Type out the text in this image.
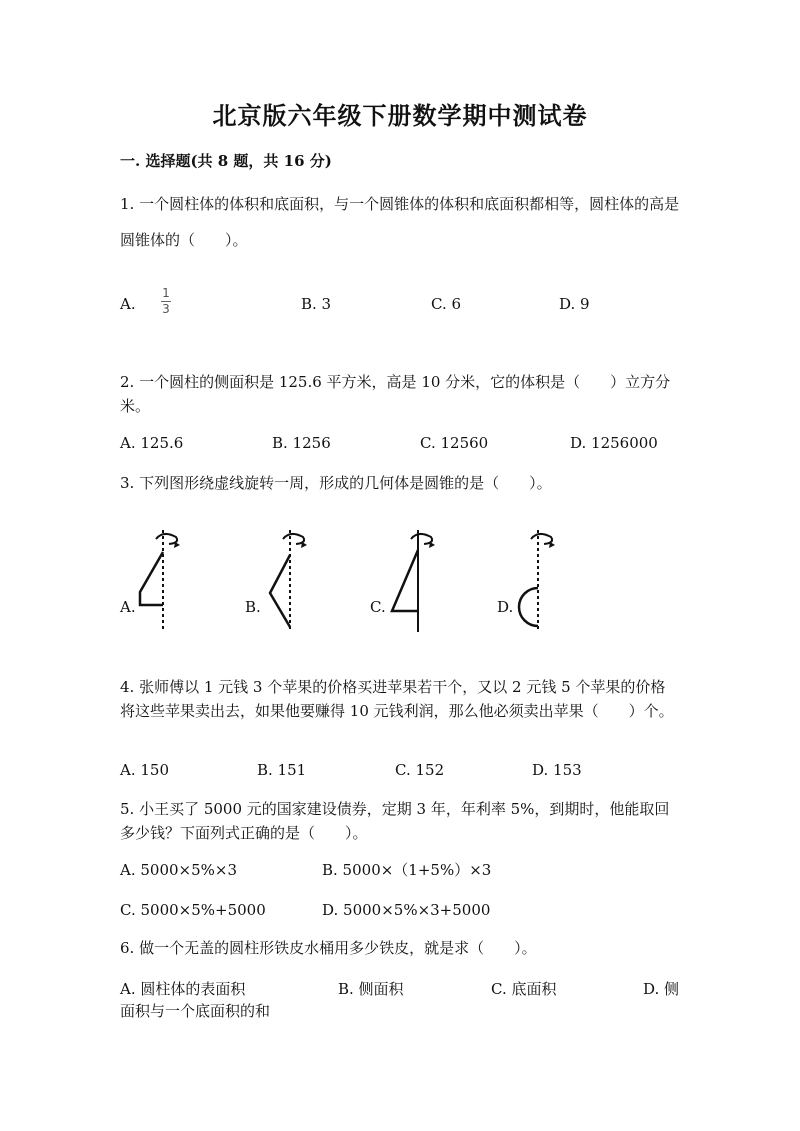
北京版六年级下册数学期中测试卷
一. 选择题(共 8 题，共 16 分)
1. 一个圆柱体的体积和底面积，与一个圆锥体的体积和底面积都相等，圆柱体的高是圆锥体的（　　）。
A.
1
3	B. 3	C. 6	D. 9
2. 一个圆柱的侧面积是 125.6 平方米，高是 10 分米，它的体积是（　　）立方分米。
A. 125.6	B. 1256	C. 12560	D. 1256000
3. 下列图形绕虚线旋转一周，形成的几何体是圆锥的是（　　）。
A.	B.	C.	D.
4. 张师傅以 1 元钱 3 个苹果的价格买进苹果若干个，又以 2 元钱 5 个苹果的价格将这些苹果卖出去，如果他要赚得 10 元钱利润，那么他必须卖出苹果（　　）个。
A. 150	B. 151	C. 152	D. 153
5. 小王买了 5000 元的国家建设债券，定期 3 年，年利率 5%，到期时，他能取回多少钱？下面列式正确的是（　　）。
A. 5000×5%×3	B. 5000×（1+5%）×3
C. 5000×5%+5000	D. 5000×5%×3+5000
6. 做一个无盖的圆柱形铁皮水桶用多少铁皮，就是求（　　）。
A. 圆柱体的表面积	B. 侧面积	C. 底面积	D. 侧
面积与一个底面积的和
